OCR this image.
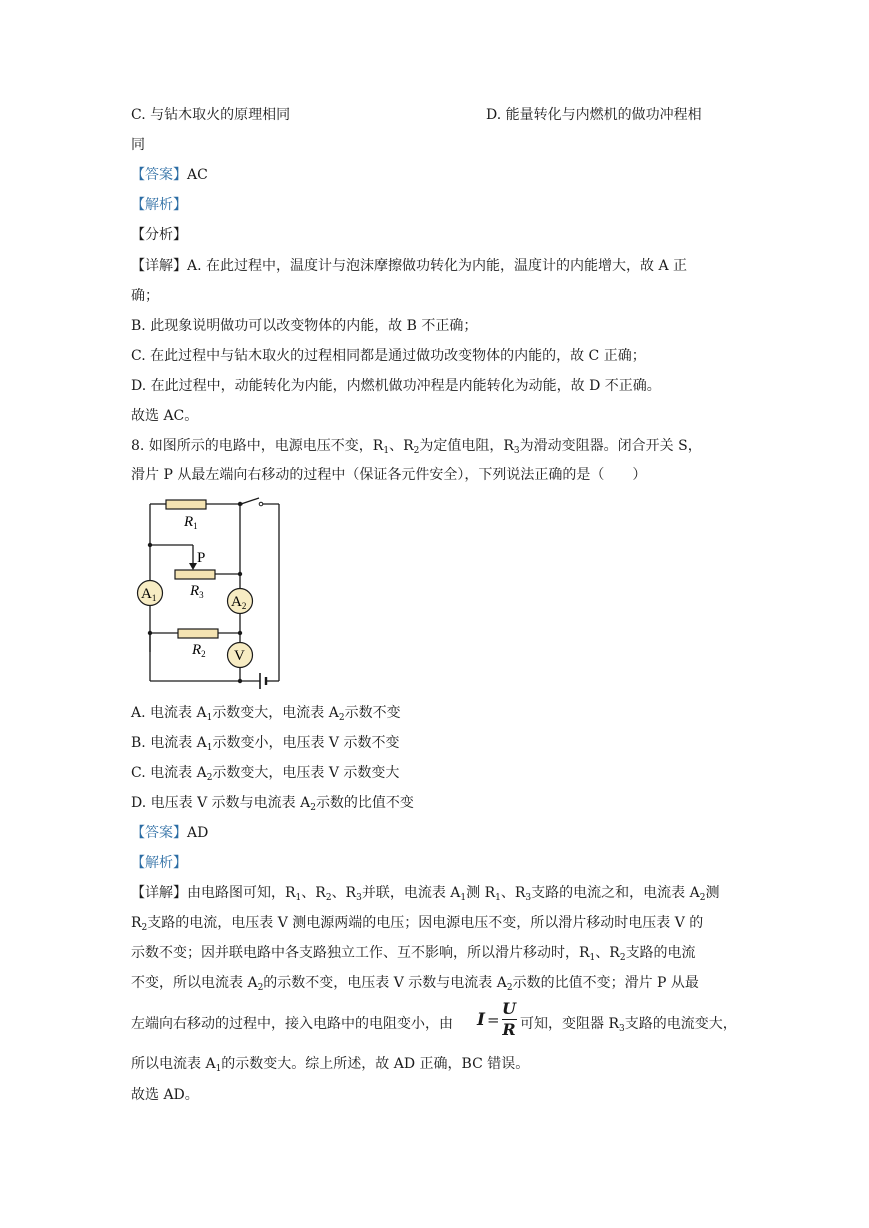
C. 与钻木取火的原理相同	D. 能量转化与内燃机的做功冲程相
同
【答案】AC
【解析】
【分析】
【详解】A. 在此过程中，温度计与泡沫摩擦做功转化为内能，温度计的内能增大，故 A 正
确；
B. 此现象说明做功可以改变物体的内能，故 B 不正确；
C. 在此过程中与钻木取火的过程相同都是通过做功改变物体的内能的，故 C 正确；
D. 在此过程中，动能转化为内能，内燃机做功冲程是内能转化为动能，故 D 不正确。
故选 AC。
8. 如图所示的电路中，电源电压不变，$R_1$、$R_2$为定值电阻，$R_3$为滑动变阻器。闭合开关 S，
滑片 P 从最左端向右移动的过程中（保证各元件安全），下列说法正确的是（　　）
$R_1$
P
$R_3$
$R_2$
$A_1$	$A_2$
V
A. 电流表 $A_1$示数变大，电流表 $A_2$示数不变
B. 电流表 $A_1$示数变小，电压表 V 示数不变
C. 电流表 $A_2$示数变大，电压表 V 示数变大
D. 电压表 V 示数与电流表 $A_2$示数的比值不变
【答案】AD
【解析】
【详解】由电路图可知，$R_1$、$R_2$、$R_3$并联，电流表 $A_1$测 $R_1$、$R_3$支路的电流之和，电流表 $A_2$测
$R_2$支路的电流，电压表 V 测电源两端的电压；因电源电压不变，所以滑片移动时电压表 V 的
示数不变；因并联电路中各支路独立工作、互不影响，所以滑片移动时，$R_1$、$R_2$支路的电流
不变，所以电流表 $A_2$的示数不变，电压表 V 示数与电流表 $A_2$示数的比值不变；滑片 P 从最
左端向右移动的过程中，接入电路中的电阻变小，由 I =
U
R 可知，变阻器 $R_3$支路的电流变大，
所以电流表 $A_1$的示数变大。综上所述，故 AD 正确，BC 错误。
故选 AD。
